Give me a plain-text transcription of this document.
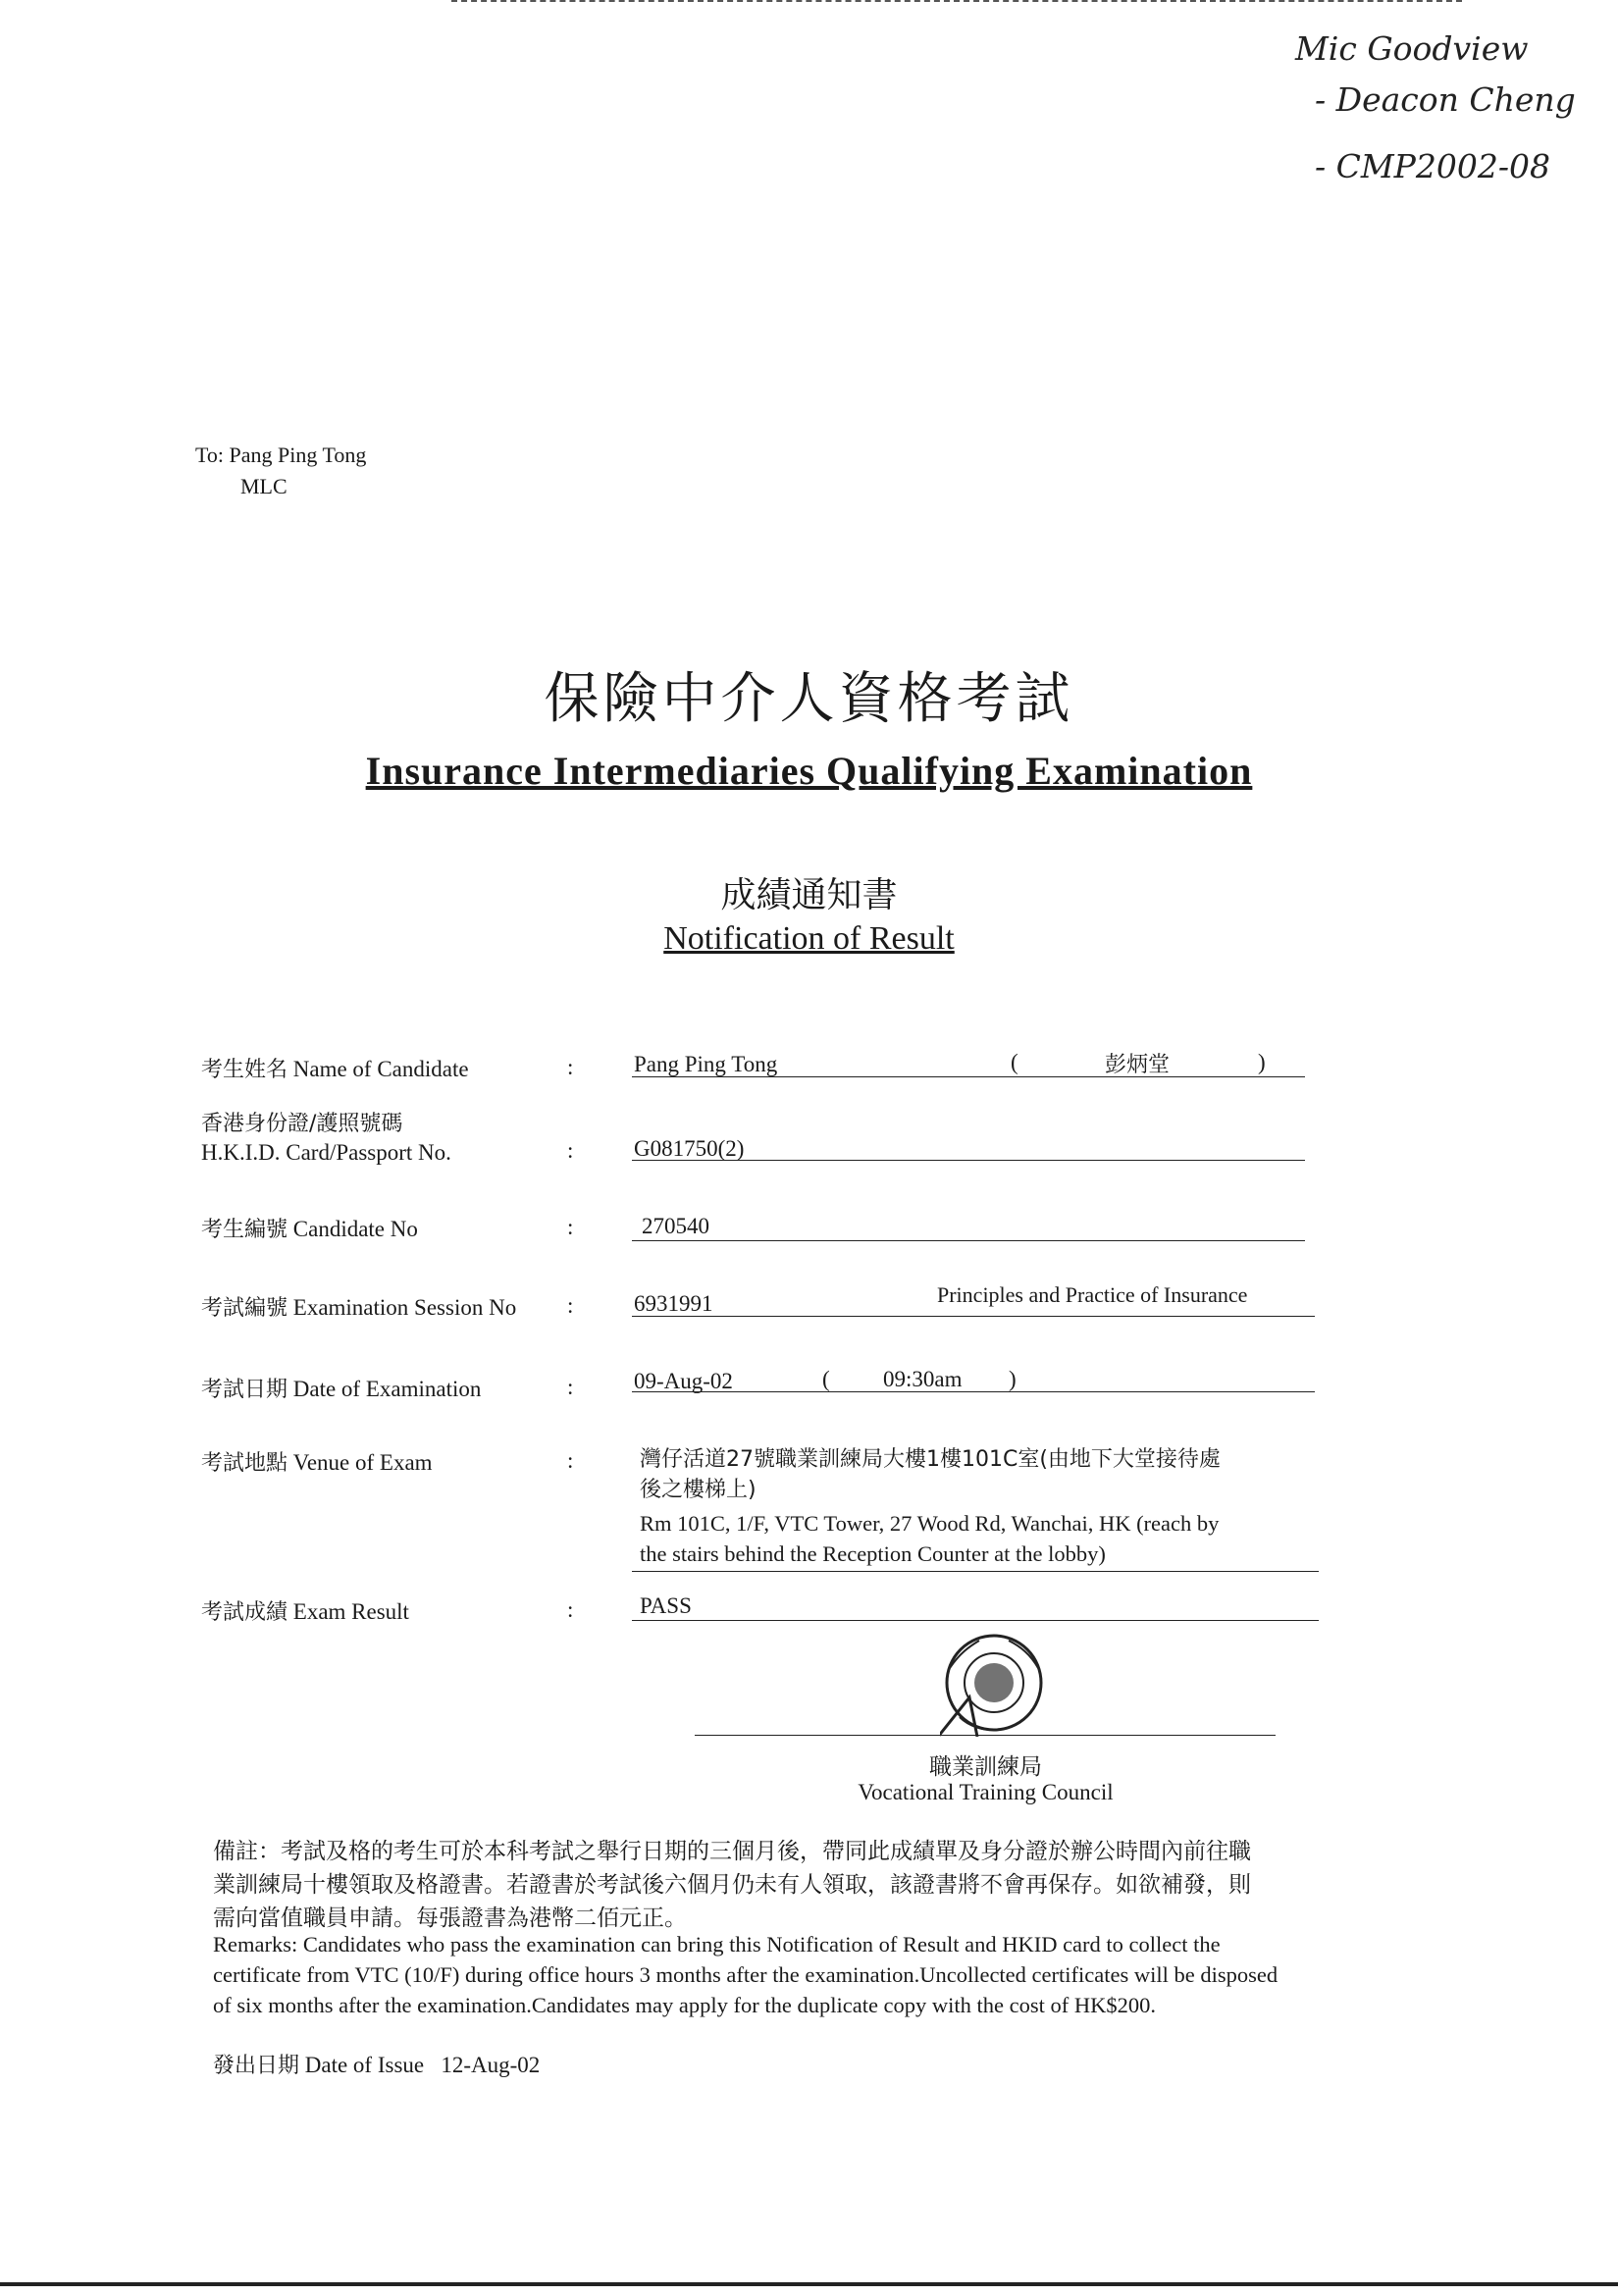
Mic Goodview
- Deacon Cheng
- CMP2002-08
To: Pang Ping Tong
MLC
保險中介人資格考試
Insurance Intermediaries Qualifying Examination
成績通知書
Notification of Result
考生姓名 Name of Candidate	:	Pang Ping Tong	(	彭炳堂	)
香港身份證/護照號碼
H.K.I.D. Card/Passport No.	:	G081750(2)
考生編號 Candidate No	:	270540
考試編號 Examination Session No :	6931991	Principles and Practice of Insurance
考試日期 Date of Examination	:	09-Aug-02	( 09:30am )
考試地點 Venue of Exam	:	灣仔活道27號職業訓練局大樓1樓101C室(由地下大堂接待處
後之樓梯上)
Rm 101C, 1/F, VTC Tower, 27 Wood Rd, Wanchai, HK (reach by
the stairs behind the Reception Counter at the lobby)
考試成績 Exam Result	:	PASS
職業訓練局
Vocational Training Council
備註：考試及格的考生可於本科考試之舉行日期的三個月後，帶同此成績單及身分證於辦公時間內前往職
業訓練局十樓領取及格證書。若證書於考試後六個月仍未有人領取，該證書將不會再保存。如欲補發，則
需向當值職員申請。每張證書為港幣二佰元正。
Remarks: Candidates who pass the examination can bring this Notification of Result and HKID card to collect the
certificate from VTC (10/F) during office hours 3 months after the examination.Uncollected certificates will be disposed
of six months after the examination.Candidates may apply for the duplicate copy with the cost of HK$200.
發出日期 Date of Issue 12-Aug-02
